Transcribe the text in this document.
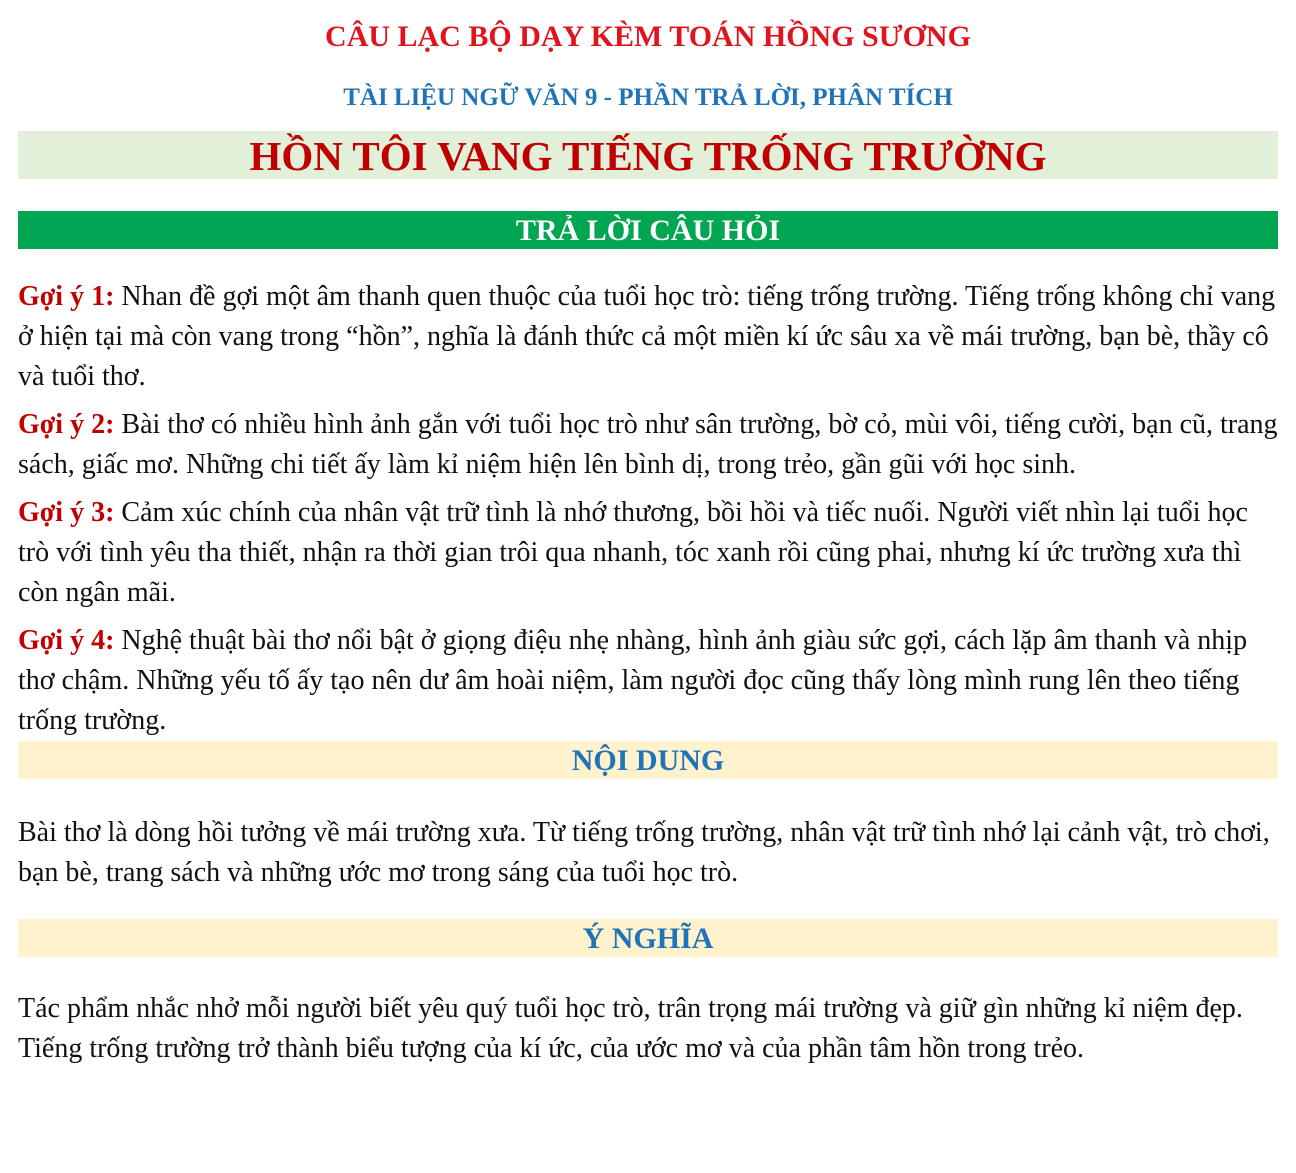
CÂU LẠC BỘ DẠY KÈM TOÁN HỒNG SƯƠNG
TÀI LIỆU NGỮ VĂN 9 - PHẦN TRẢ LỜI, PHÂN TÍCH
HỒN TÔI VANG TIẾNG TRỐNG TRƯỜNG
TRẢ LỜI CÂU HỎI

Gợi ý 1: Nhan đề gợi một âm thanh quen thuộc của tuổi học trò: tiếng trống trường. Tiếng trống không chỉ vang ở hiện tại mà còn vang trong “hồn”, nghĩa là đánh thức cả một miền kí ức sâu xa về mái trường, bạn bè, thầy cô và tuổi thơ.

Gợi ý 2: Bài thơ có nhiều hình ảnh gắn với tuổi học trò như sân trường, bờ cỏ, mùi vôi, tiếng cười, bạn cũ, trang sách, giấc mơ. Những chi tiết ấy làm kỉ niệm hiện lên bình dị, trong trẻo, gần gũi với học sinh.

Gợi ý 3: Cảm xúc chính của nhân vật trữ tình là nhớ thương, bồi hồi và tiếc nuối. Người viết nhìn lại tuổi học trò với tình yêu tha thiết, nhận ra thời gian trôi qua nhanh, tóc xanh rồi cũng phai, nhưng kí ức trường xưa thì còn ngân mãi.

Gợi ý 4: Nghệ thuật bài thơ nổi bật ở giọng điệu nhẹ nhàng, hình ảnh giàu sức gợi, cách lặp âm thanh và nhịp thơ chậm. Những yếu tố ấy tạo nên dư âm hoài niệm, làm người đọc cũng thấy lòng mình rung lên theo tiếng trống trường.

NỘI DUNG

Bài thơ là dòng hồi tưởng về mái trường xưa. Từ tiếng trống trường, nhân vật trữ tình nhớ lại cảnh vật, trò chơi, bạn bè, trang sách và những ước mơ trong sáng của tuổi học trò.

Ý NGHĨA

Tác phẩm nhắc nhở mỗi người biết yêu quý tuổi học trò, trân trọng mái trường và giữ gìn những kỉ niệm đẹp. Tiếng trống trường trở thành biểu tượng của kí ức, của ước mơ và của phần tâm hồn trong trẻo.
